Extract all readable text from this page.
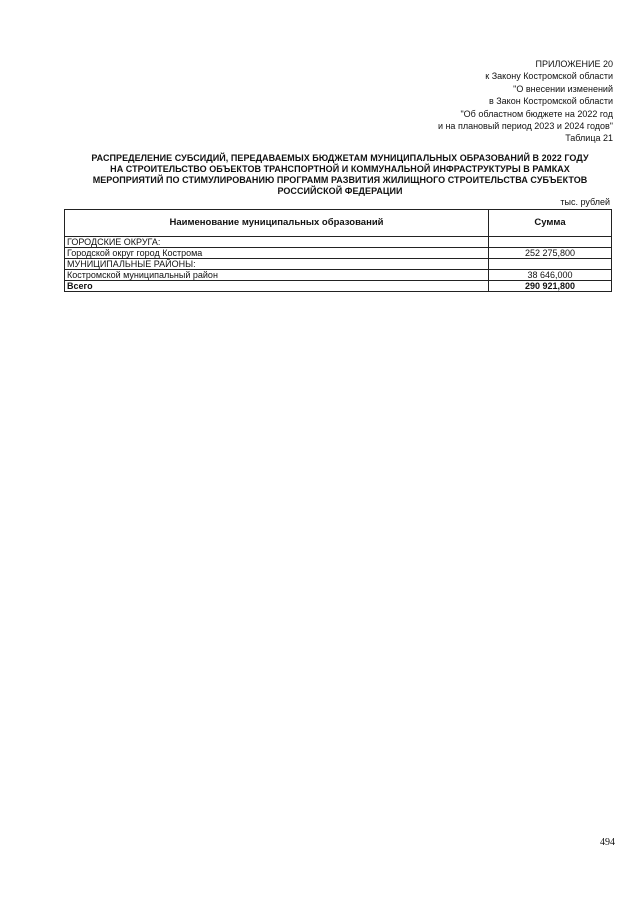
ПРИЛОЖЕНИЕ 20
к Закону Костромской области
"О внесении изменений
в Закон Костромской области
"Об областном бюджете на 2022 год
и на плановый период 2023 и 2024 годов"
Таблица 21
РАСПРЕДЕЛЕНИЕ СУБСИДИЙ, ПЕРЕДАВАЕМЫХ БЮДЖЕТАМ МУНИЦИПАЛЬНЫХ ОБРАЗОВАНИЙ В 2022 ГОДУ
НА СТРОИТЕЛЬСТВО ОБЪЕКТОВ ТРАНСПОРТНОЙ И КОММУНАЛЬНОЙ ИНФРАСТРУКТУРЫ В РАМКАХ
МЕРОПРИЯТИЙ ПО СТИМУЛИРОВАНИЮ ПРОГРАММ РАЗВИТИЯ ЖИЛИЩНОГО СТРОИТЕЛЬСТВА СУБЪЕКТОВ
РОССИЙСКОЙ ФЕДЕРАЦИИ
тыс. рублей
Наименование муниципальных образований	Сумма
ГОРОДСКИЕ ОКРУГА:	
Городской округ город Кострома	252 275,800
МУНИЦИПАЛЬНЫЕ РАЙОНЫ:	
Костромской муниципальный район	38 646,000
Всего	290 921,800
494
